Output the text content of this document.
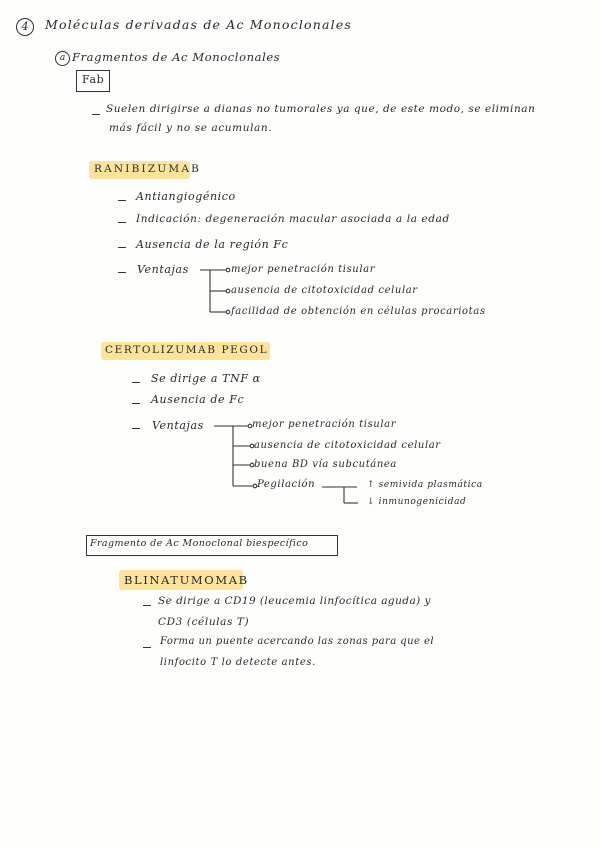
4	Moléculas derivadas de Ac Monoclonales
a Fragmentos de Ac Monoclonales
Fab
Suelen dirigirse a dianas no tumorales ya que, de este modo, se eliminan
más fácil y no se acumulan.
RANIBIZUMAB
Antiangiogénico
Indicación: degeneración macular asociada a la edad
Ausencia de la región Fc
Ventajas	mejor penetración tisular
ausencia de citotoxicidad celular
facilidad de obtención en células procariotas
CERTOLIZUMAB PEGOL
Se dirige a TNF α
Ausencia de Fc
Ventajas	mejor penetración tisular
ausencia de citotoxicidad celular
buena BD vía subcutánea
Pegilación	↑ semivida plasmática
↓ inmunogenicidad
Fragmento de Ac Monoclonal biespecífico
BLINATUMOMAB
Se dirige a CD19 (leucemia linfocítica aguda) y
CD3 (células T)
Forma un puente acercando las zonas para que el
linfocito T lo detecte antes.
